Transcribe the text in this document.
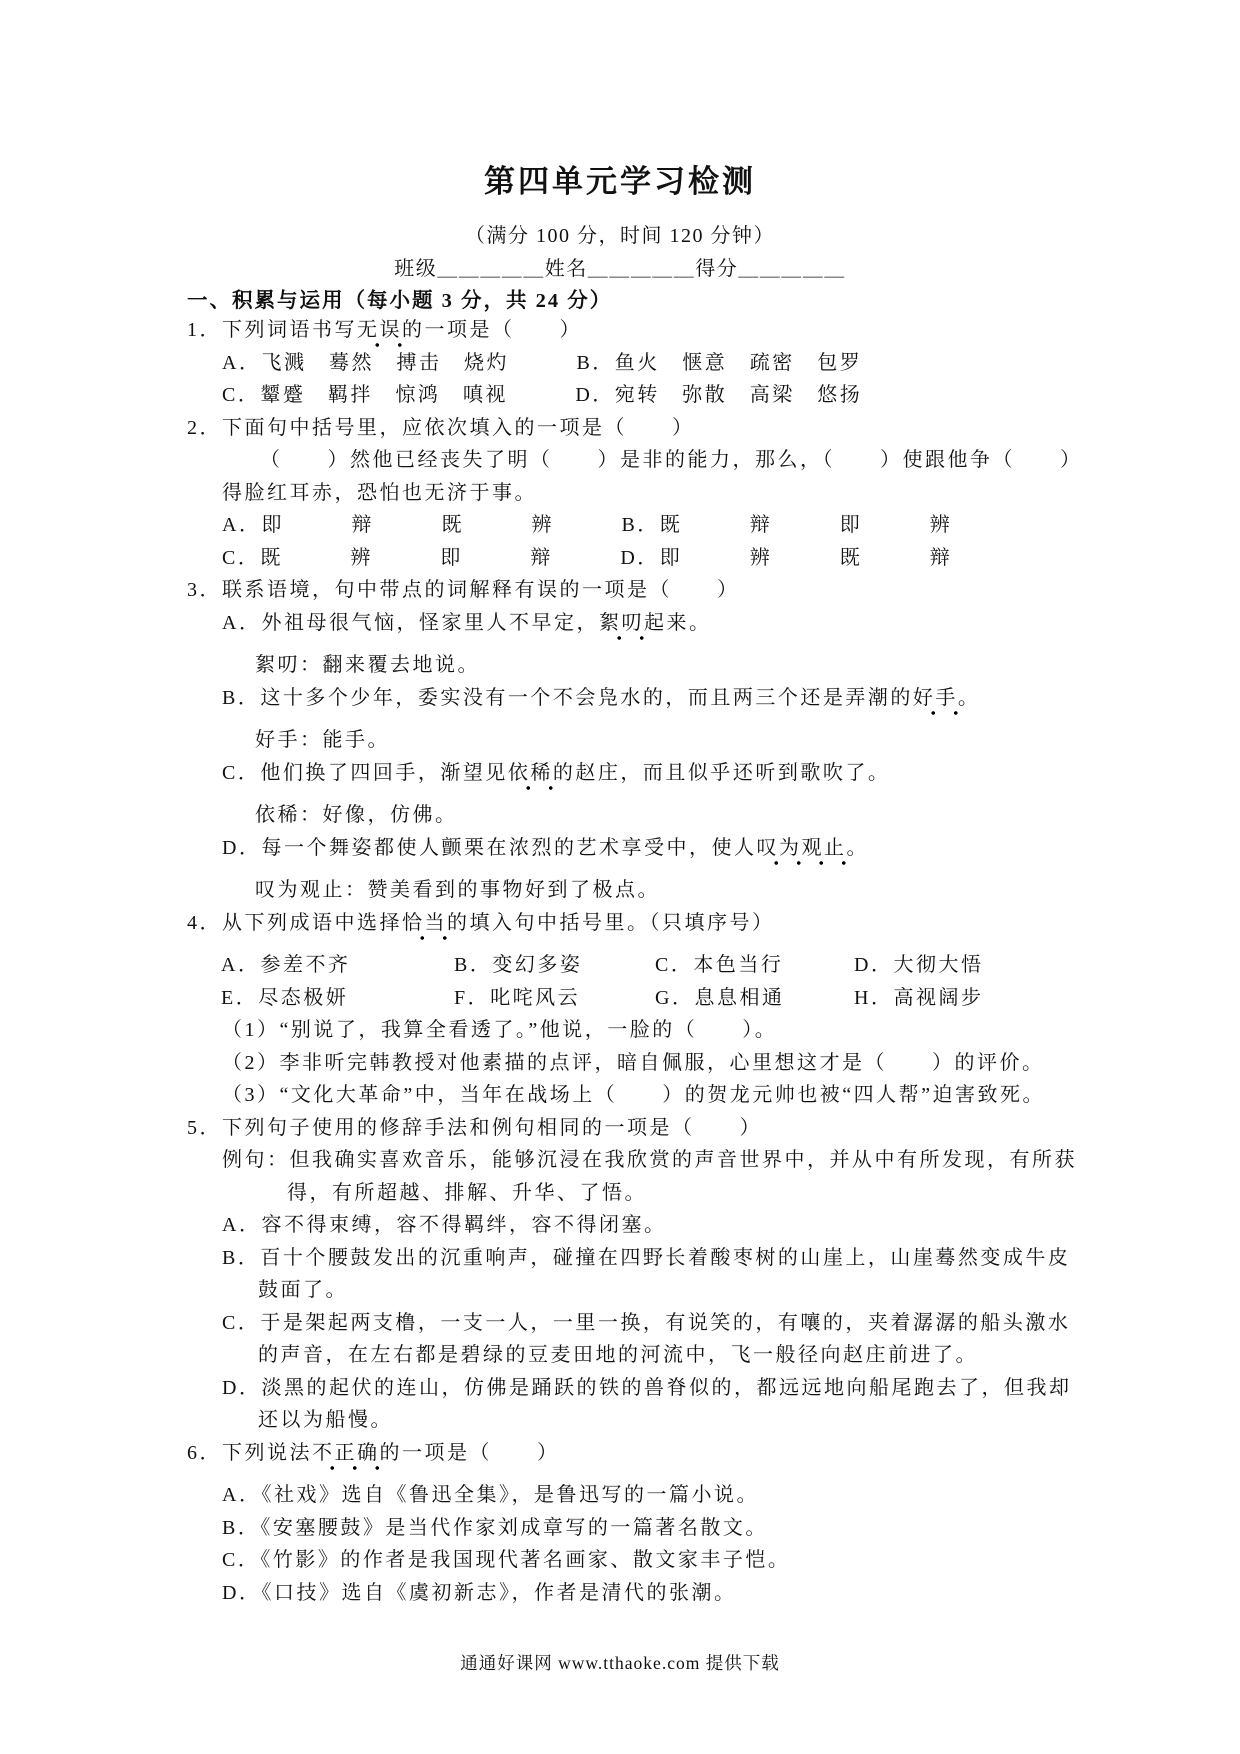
第四单元学习检测
（满分 100 分，时间 120 分钟）
班级＿＿＿＿＿姓名＿＿＿＿＿得分＿＿＿＿＿
一、积累与运用（每小题 3 分，共 24 分）
1．下列词语书写无误的一项是（　　）
A．飞溅　蓦然　搏击　烧灼　　　B．鱼火　惬意　疏密　包罗
C．颦蹙　羁拌　惊鸿　嗔视　　　D．宛转　弥散　高梁　悠扬
2．下面句中括号里，应依次填入的一项是（　　）
（　　）然他已经丧失了明（　　）是非的能力，那么，（　　）使跟他争（　　）
得脸红耳赤，恐怕也无济于事。
A．即　　　辩　　　既　　　辨　　　B．既　　　辩　　　即　　　辨
C．既　　　辨　　　即　　　辩　　　D．即　　　辨　　　既　　　辩
3．联系语境，句中带点的词解释有误的一项是（　　）
A．外祖母很气恼，怪家里人不早定，絮叨起来。
絮叨：翻来覆去地说。
B．这十多个少年，委实没有一个不会凫水的，而且两三个还是弄潮的好手。
好手：能手。
C．他们换了四回手，渐望见依稀的赵庄，而且似乎还听到歌吹了。
依稀：好像，仿佛。
D．每一个舞姿都使人颤栗在浓烈的艺术享受中，使人叹为观止。
叹为观止：赞美看到的事物好到了极点。
4．从下列成语中选择恰当的填入句中括号里。（只填序号）
A．参差不齐	B．变幻多姿	C．本色当行	D．大彻大悟
E．尽态极妍	F．叱咤风云	G．息息相通	H．高视阔步
（1）“别说了，我算全看透了。”他说，一脸的（　　）。
（2）李非听完韩教授对他素描的点评，暗自佩服，心里想这才是（　　）的评价。
（3）“文化大革命”中，当年在战场上（　　）的贺龙元帅也被“四人帮”迫害致死。
5．下列句子使用的修辞手法和例句相同的一项是（　　）
例句：但我确实喜欢音乐，能够沉浸在我欣赏的声音世界中，并从中有所发现，有所获
得，有所超越、排解、升华、了悟。
A．容不得束缚，容不得羁绊，容不得闭塞。
B．百十个腰鼓发出的沉重响声，碰撞在四野长着酸枣树的山崖上，山崖蓦然变成牛皮
鼓面了。
C．于是架起两支橹，一支一人，一里一换，有说笑的，有嚷的，夹着潺潺的船头激水
的声音，在左右都是碧绿的豆麦田地的河流中，飞一般径向赵庄前进了。
D．淡黑的起伏的连山，仿佛是踊跃的铁的兽脊似的，都远远地向船尾跑去了，但我却
还以为船慢。
6．下列说法不正确的一项是（　　）
A．《社戏》选自《鲁迅全集》，是鲁迅写的一篇小说。
B．《安塞腰鼓》是当代作家刘成章写的一篇著名散文。
C．《竹影》的作者是我国现代著名画家、散文家丰子恺。
D．《口技》选自《虞初新志》，作者是清代的张潮。
通通好课网 www.tthaoke.com 提供下载
